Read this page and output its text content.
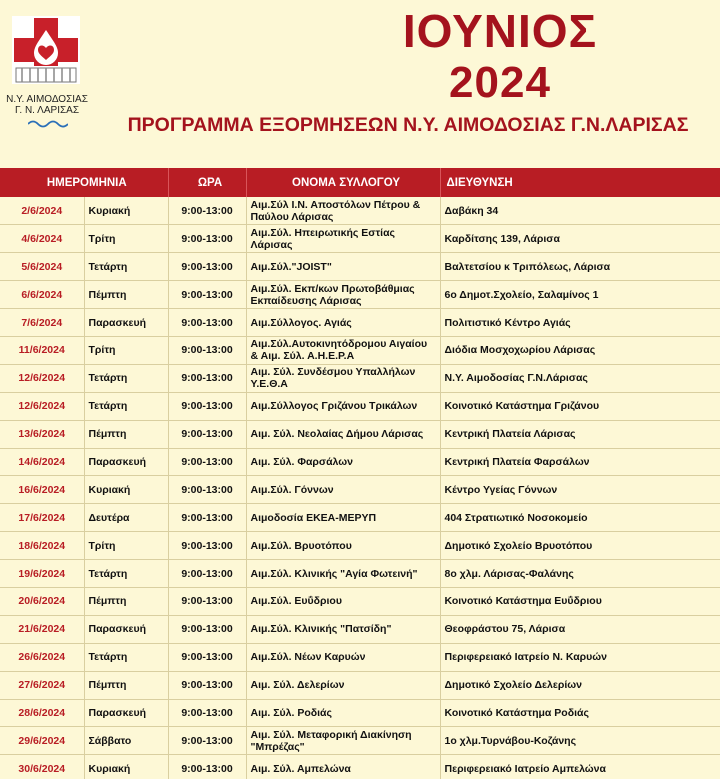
Ν.Υ. ΑΙΜΟΔΟΣΙΑΣ
Γ. Ν. ΛΑΡΙΣΑΣ
ΙΟΥΝΙΟΣ
2024
ΠΡΟΓΡΑΜΜΑ ΕΞΟΡΜΗΣΕΩΝ Ν.Υ. ΑΙΜΟΔΟΣΙΑΣ Γ.Ν.ΛΑΡΙΣΑΣ
ΗΜΕΡΟΜΗΝΙΑ		ΩΡΑ	ΟΝΟΜΑ ΣΥΛΛΟΓΟΥ	ΔΙΕΥΘΥΝΣΗ
2/6/2024	Κυριακή	9:00-13:00	Αιμ.Σύλ Ι.Ν. Αποστόλων Πέτρου & Παύλου Λάρισας	Δαβάκη 34
4/6/2024	Τρίτη	9:00-13:00	Αιμ.Σύλ. Ηπειρωτικής Εστίας Λάρισας	Καρδίτσης 139, Λάρισα
5/6/2024	Τετάρτη	9:00-13:00	Αιμ.Σύλ."JOIST"	Βαλτετσίου κ Τριπόλεως, Λάρισα
6/6/2024	Πέμπτη	9:00-13:00	Αιμ.Σύλ. Εκπ/κων Πρωτοβάθμιας Εκπαίδευσης Λάρισας	6ο Δημοτ.Σχολείο, Σαλαμίνος 1
7/6/2024	Παρασκευή	9:00-13:00	Αιμ.Σύλλογος. Αγιάς	Πολιτιστικό Κέντρο Αγιάς
11/6/2024	Τρίτη	9:00-13:00	Αιμ.Σύλ.Αυτοκινητόδρομου Αιγαίου & Αιμ. Σύλ. Α.Η.Ε.Ρ.Α	Διόδια Μοσχοχωρίου Λάρισας
12/6/2024	Τετάρτη	9:00-13:00	Αιμ. Σύλ. Συνδέσμου Υπαλλήλων Υ.Ε.Θ.Α	Ν.Υ. Αιμοδοσίας Γ.Ν.Λάρισας
12/6/2024	Τετάρτη	9:00-13:00	Αιμ.Σύλλογος Γριζάνου Τρικάλων	Κοινοτικό Κατάστημα Γριζάνου
13/6/2024	Πέμπτη	9:00-13:00	Αιμ. Σύλ. Νεολαίας Δήμου Λάρισας	Κεντρική Πλατεία Λάρισας
14/6/2024	Παρασκευή	9:00-13:00	Αιμ. Σύλ. Φαρσάλων	Κεντρική Πλατεία Φαρσάλων
16/6/2024	Κυριακή	9:00-13:00	Αιμ.Σύλ. Γόννων	Κέντρο Υγείας Γόννων
17/6/2024	Δευτέρα	9:00-13:00	Αιμοδοσία ΕΚΕΑ-ΜΕΡΥΠ	404 Στρατιωτικό Νοσοκομείο
18/6/2024	Τρίτη	9:00-13:00	Αιμ.Σύλ. Βρυοτόπου	Δημοτικό Σχολείο Βρυοτόπου
19/6/2024	Τετάρτη	9:00-13:00	Αιμ.Σύλ. Κλινικής "Αγία Φωτεινή"	8ο χλμ. Λάρισας-Φαλάνης
20/6/2024	Πέμπτη	9:00-13:00	Αιμ.Σύλ. Ευΰδριου	Κοινοτικό Κατάστημα Ευΰδριου
21/6/2024	Παρασκευή	9:00-13:00	Αιμ.Σύλ. Κλινικής "Πατσίδη"	Θεοφράστου 75, Λάρισα
26/6/2024	Τετάρτη	9:00-13:00	Αιμ.Σύλ. Νέων Καρυών	Περιφερειακό Ιατρείο Ν. Καρυών
27/6/2024	Πέμπτη	9:00-13:00	Αιμ. Σύλ. Δελερίων	Δημοτικό Σχολείο Δελερίων
28/6/2024	Παρασκευή	9:00-13:00	Αιμ. Σύλ. Ροδιάς	Κοινοτικό Κατάστημα Ροδιάς
29/6/2024	Σάββατο	9:00-13:00	Αιμ. Σύλ. Μεταφορική Διακίνηση "Μπρέζας"	1ο χλμ.Τυρνάβου-Κοζάνης
30/6/2024	Κυριακή	9:00-13:00	Αιμ. Σύλ. Αμπελώνα	Περιφερειακό Ιατρείο Αμπελώνα
